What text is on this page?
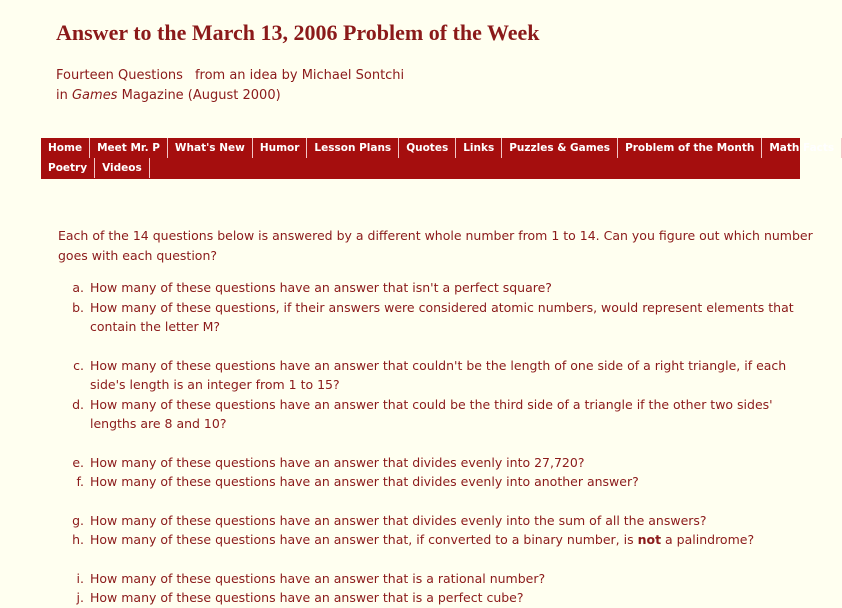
Answer to the March 13, 2006 Problem of the Week
Fourteen Questions from an idea by Michael Sontchi
in Games Magazine (August 2000)
Home	Meet Mr. P	What's New	Humor	Lesson Plans	Quotes	Links	Puzzles & Games	Problem of the Month	Math Facts
Poetry	Videos
Each of the 14 questions below is answered by a different whole number from 1 to 14. Can you figure out which number goes with each question?
a. How many of these questions have an answer that isn't a perfect square?
b. How many of these questions, if their answers were considered atomic numbers, would represent elements that contain the letter M?
c. How many of these questions have an answer that couldn't be the length of one side of a right triangle, if each side's length is an integer from 1 to 15?
d. How many of these questions have an answer that could be the third side of a triangle if the other two sides' lengths are 8 and 10?
e. How many of these questions have an answer that divides evenly into 27,720?
f. How many of these questions have an answer that divides evenly into another answer?
g. How many of these questions have an answer that divides evenly into the sum of all the answers?
h. How many of these questions have an answer that, if converted to a binary number, is not a palindrome?
i. How many of these questions have an answer that is a rational number?
j. How many of these questions have an answer that is a perfect cube?
